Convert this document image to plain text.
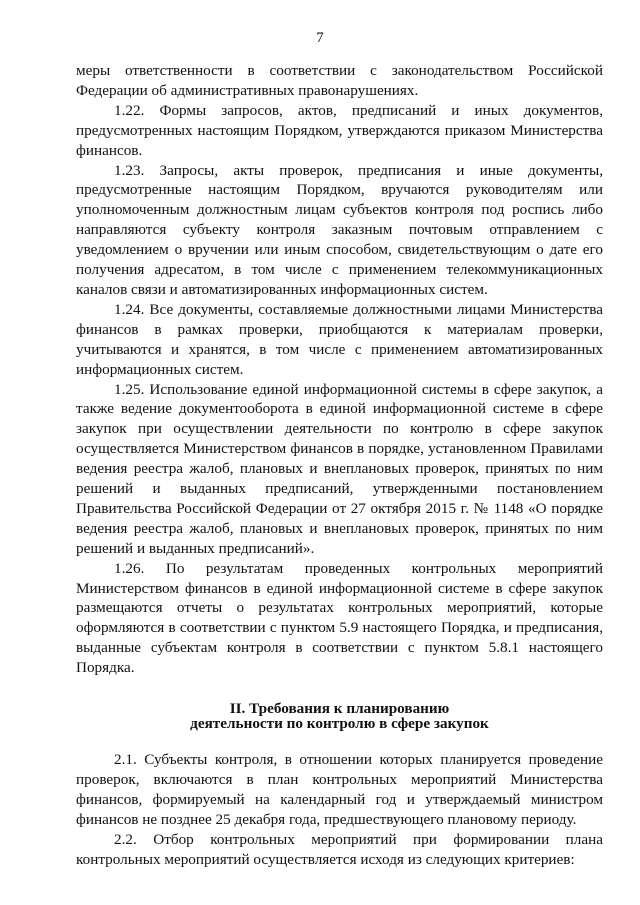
7

меры ответственности в соответствии с законодательством Российской Федерации об административных правонарушениях.

1.22. Формы запросов, актов, предписаний и иных документов, предусмотренных настоящим Порядком, утверждаются приказом Министерства финансов.

1.23. Запросы, акты проверок, предписания и иные документы, предусмотренные настоящим Порядком, вручаются руководителям или уполномоченным должностным лицам субъектов контроля под роспись либо направляются субъекту контроля заказным почтовым отправлением с уведомлением о вручении или иным способом, свидетельствующим о дате его получения адресатом, в том числе с применением телекоммуникационных каналов связи и автоматизированных информационных систем.

1.24. Все документы, составляемые должностными лицами Министерства финансов в рамках проверки, приобщаются к материалам проверки, учитываются и хранятся, в том числе с применением автоматизированных информационных систем.

1.25. Использование единой информационной системы в сфере закупок, а также ведение документооборота в единой информационной системе в сфере закупок при осуществлении деятельности по контролю в сфере закупок осуществляется Министерством финансов в порядке, установленном Правилами ведения реестра жалоб, плановых и внеплановых проверок, принятых по ним решений и выданных предписаний, утвержденными постановлением Правительства Российской Федерации от 27 октября 2015 г. № 1148 «О порядке ведения реестра жалоб, плановых и внеплановых проверок, принятых по ним решений и выданных предписаний».

1.26. По результатам проведенных контрольных мероприятий Министерством финансов в единой информационной системе в сфере закупок размещаются отчеты о результатах контрольных мероприятий, которые оформляются в соответствии с пунктом 5.9 настоящего Порядка, и предписания, выданные субъектам контроля в соответствии с пунктом 5.8.1 настоящего Порядка.

II. Требования к планированию
деятельности по контролю в сфере закупок

2.1. Субъекты контроля, в отношении которых планируется проведение проверок, включаются в план контрольных мероприятий Министерства финансов, формируемый на календарный год и утверждаемый министром финансов не позднее 25 декабря года, предшествующего плановому периоду.

2.2. Отбор контрольных мероприятий при формировании плана контрольных мероприятий осуществляется исходя из следующих критериев:
